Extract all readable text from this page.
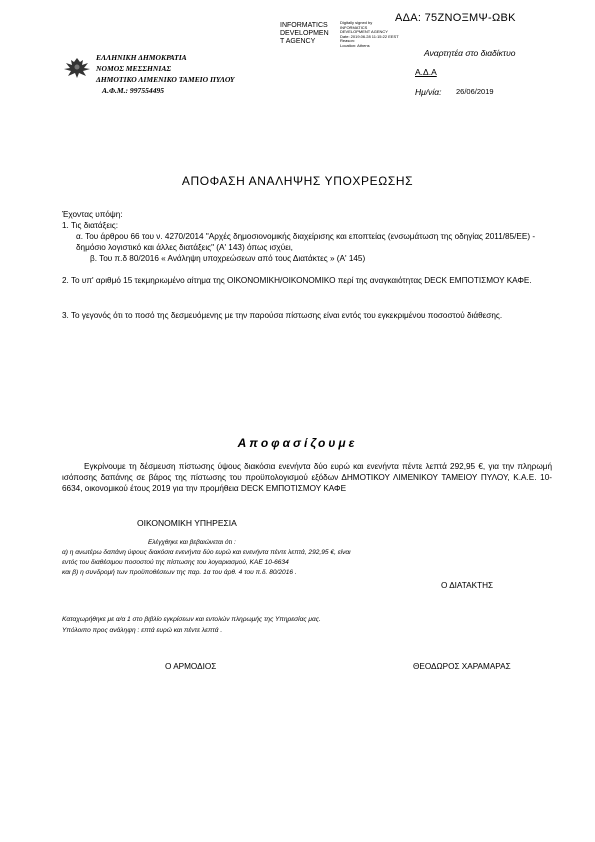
ΑΔΑ: 75ΖΝΟΞΜΨ-ΩΒΚ
INFORMATICS
DEVELOPMEN
T AGENCY
Digitally signed by
INFORMATICS
DEVELOPMENT AGENCY
Date: 2019.06.28 11:15:22 EEST
Reason:
Location: Athens
ΕΛΛΗΝΙΚΗ ΔΗΜΟΚΡΑΤΙΑ
ΝΟΜΟΣ ΜΕΣΣΗΝΙΑΣ
ΔΗΜΟΤΙΚΟ ΛΙΜΕΝΙΚΟ ΤΑΜΕΙΟ ΠΥΛΟΥ
Α.Φ.Μ.: 997554495
Αναρτητέα στο διαδίκτυο
Α.Δ.Α
Ημ/νία: 26/06/2019
ΑΠΟΦΑΣΗ ΑΝΑΛΗΨΗΣ ΥΠΟΧΡΕΩΣΗΣ
Έχοντας υπόψη:
1. Τις διατάξεις:
α. Του άρθρου 66 του ν. 4270/2014 "Αρχές δημοσιονομικής διαχείρισης και εποπτείας (ενσωμάτωση της οδηγίας 2011/85/ΕΕ) - δημόσιο λογιστικό και άλλες διατάξεις" (Α' 143) όπως ισχύει,
β. Του π.δ 80/2016 « Ανάληψη υποχρεώσεων από τους Διατάκτες » (Α' 145)
2. Το υπ' αριθμό 15 τεκμηριωμένο αίτημα της ΟΙΚΟΝΟΜΙΚΗ/ΟΙΚΟΝΟΜΙΚΟ περί της αναγκαιότητας DECK ΕΜΠΟΤΙΣΜΟΥ ΚΑΦΕ.
3. Το γεγονός ότι το ποσό της δεσμευόμενης με την παρούσα πίστωσης είναι εντός του εγκεκριμένου ποσοστού διάθεσης.
Αποφασίζουμε
Εγκρίνουμε τη δέσμευση πίστωσης ύψους διακόσια ενενήντα δύο ευρώ και ενενήντα πέντε λεπτά 292,95 €, για την πληρωμή ισόποσης δαπάνης σε βάρος της πίστωσης του προϋπολογισμού εξόδων ΔΗΜΟΤΙΚΟΥ ΛΙΜΕΝΙΚΟΥ ΤΑΜΕΙΟΥ ΠΥΛΟΥ, Κ.Α.Ε. 10-6634, οικονομικού έτους 2019 για την προμήθεια DECK ΕΜΠΟΤΙΣΜΟΥ ΚΑΦΕ
ΟΙΚΟΝΟΜΙΚΗ ΥΠΗΡΕΣΙΑ
Ελέγχθηκε και βεβαιώνεται ότι :
α) η ανωτέρω δαπάνη ύψους διακόσια ενενήντα δύο ευρώ και ενενήντα πέντε λεπτά, 292,95 €, είναι εντός του διαθέσιμου ποσοστού της πίστωσης του λογαριασμού, ΚΑΕ 10-6634
και β) η συνδρομή των προϋποθέσεων της παρ. 1α του άρθ. 4 του π.δ. 80/2016 .
Ο ΔΙΑΤΑΚΤΗΣ
Καταχωρήθηκε με α/α 1 στο βιβλίο εγκρίσεων και εντολών πληρωμής της Υπηρεσίας μας.
Υπόλοιπο προς ανάληψη : επτά ευρώ και πέντε λεπτά .
Ο ΑΡΜΟΔΙΟΣ	ΘΕΟΔΩΡΟΣ ΧΑΡΑΜΑΡΑΣ
